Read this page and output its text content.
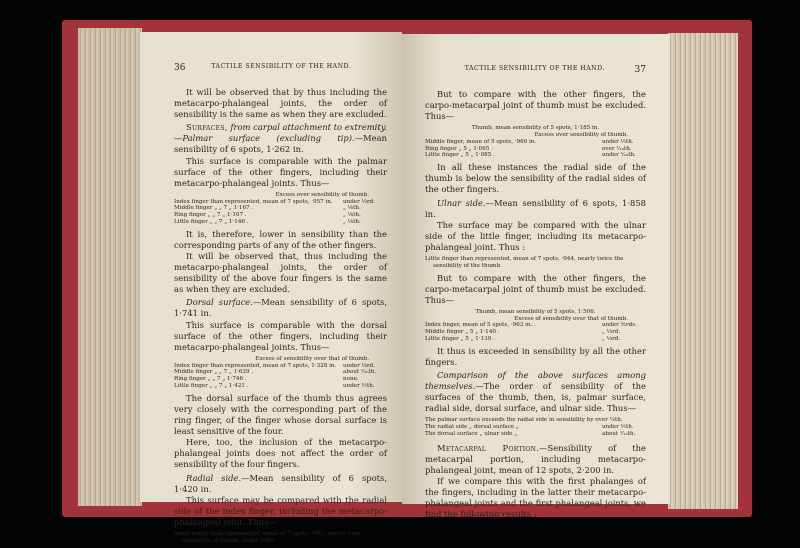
36	TACTILE SENSIBILITY OF THE HAND.

It will be observed that by thus including the metacarpo-phalangeal joints, the order of sensibility is the same as when they are excluded.

Surfaces, from carpal attachment to extremity.—Palmar surface (excluding tip).—Mean sensibility of 6 spots, 1·262 in.

This surface is comparable with the palmar surface of the other fingers, including their metacarpo-phalangeal joints. Thus—

Excess over sensibility of thumb.
Index finger than represented, mean of 7 spots, ·957 in.	under ⅓rd.
Middle finger „ „ 7 „ 1·167 .	„ ⅛th.
Ring finger „ „ 7 „ 1·107 .	„ ⅛th.
Little finger „ „ 7 „ 1·146 .	„ ⅛th.

It is, therefore, lower in sensibility than the corresponding parts of any of the other fingers.

It will be observed that, thus including the metacarpo-phalangeal joints, the order of sensibility of the above four fingers is the same as when they are excluded.

Dorsal surface.—Mean sensibility of 6 spots, 1·741 in.

This surface is comparable with the dorsal surface of the other fingers, including their metacarpo-phalangeal joints. Thus—

Excess of sensibility over that of thumb.
Index finger than represented, mean of 7 spots, 1·328 in.	under ⅓rd.
Middle finger „ „ 7 „ 1·629 .	about ⅟₁₆th.
Ring finger „ „ 7 „ 1·746 .	none.
Little finger „ „ 7 „ 1·421 .	under ⅕th.

The dorsal surface of the thumb thus agrees very closely with the corresponding part of the ring finger, of the finger whose dorsal surface is least sensitive of the four.

Here, too, the inclusion of the metacarpo-phalangeal joints does not affect the order of sensibility of the four fingers.

Radial side.—Mean sensibility of 6 spots, 1·420 in.

This surface may be compared with the radial side of the index finger, including the metacarpo-phalangeal joint. Thus—

Index finger than represented, mean of 7 spots, ·882; excess over sensibility of thumb, under ⅗ths.
TACTILE SENSIBILITY OF THE HAND.	37

But to compare with the other fingers, the carpo-metacarpal joint of thumb must be excluded. Thus—

Thumb, mean sensibility of 5 spots, 1·185 in.
Excess over sensibility of thumb.
Middle finger, mean of 5 spots, ·960 in.	under ⅕th.
Ring finger „ 5 „ 1·065 .	over ⅟₁₀th.
Little finger „ 5 „ 1·085 .	under ⅟₁₀th.

In all these instances the radial side of the thumb is below the sensibility of the radial sides of the other fingers.

Ulnar side.—Mean sensibility of 6 spots, 1·858 in.

The surface may be compared with the ulnar side of the little finger, including its metacarpo-phalangeal joint. Thus :

Little finger than represented, mean of 7 spots, ·944, nearly twice the sensibility of the thumb.

But to compare with the other fingers, the carpo-metacarpal joint of thumb must be excluded. Thus—

Thumb, mean sensibility of 5 spots, 1·506.
Excess of sensibility over that of thumb.
Index finger, mean of 5 spots, ·963 in. .	under ⅗rds.
Middle finger „ 5 „ 1·140 .	„ ⅓rd.
Little finger „ 5 „ 1·139 .	„ ⅓rd.

It thus is exceeded in sensibility by all the other fingers.

Comparison of the above surfaces among themselves.—The order of sensibility of the surfaces of the thumb, then, is, palmar surface, radial side, dorsal surface, and ulnar side. Thus—

The palmar surface exceeds the radial side in sensibility by over ⅟₉th.
The radial side „ dorsal surface „	under ⅕th.
The dorsal surface „ ulnar side „	about ⅟₁₂th.

Metacarpal Portion.—Sensibility of the metacarpal portion, including metacarpo-phalangeal joint, mean of 12 spots, 2·200 in.

If we compare this with the first phalanges of the fingers, including in the latter their metacarpo-phalangeal joints and the first phalangeal joints, we find the following results :
